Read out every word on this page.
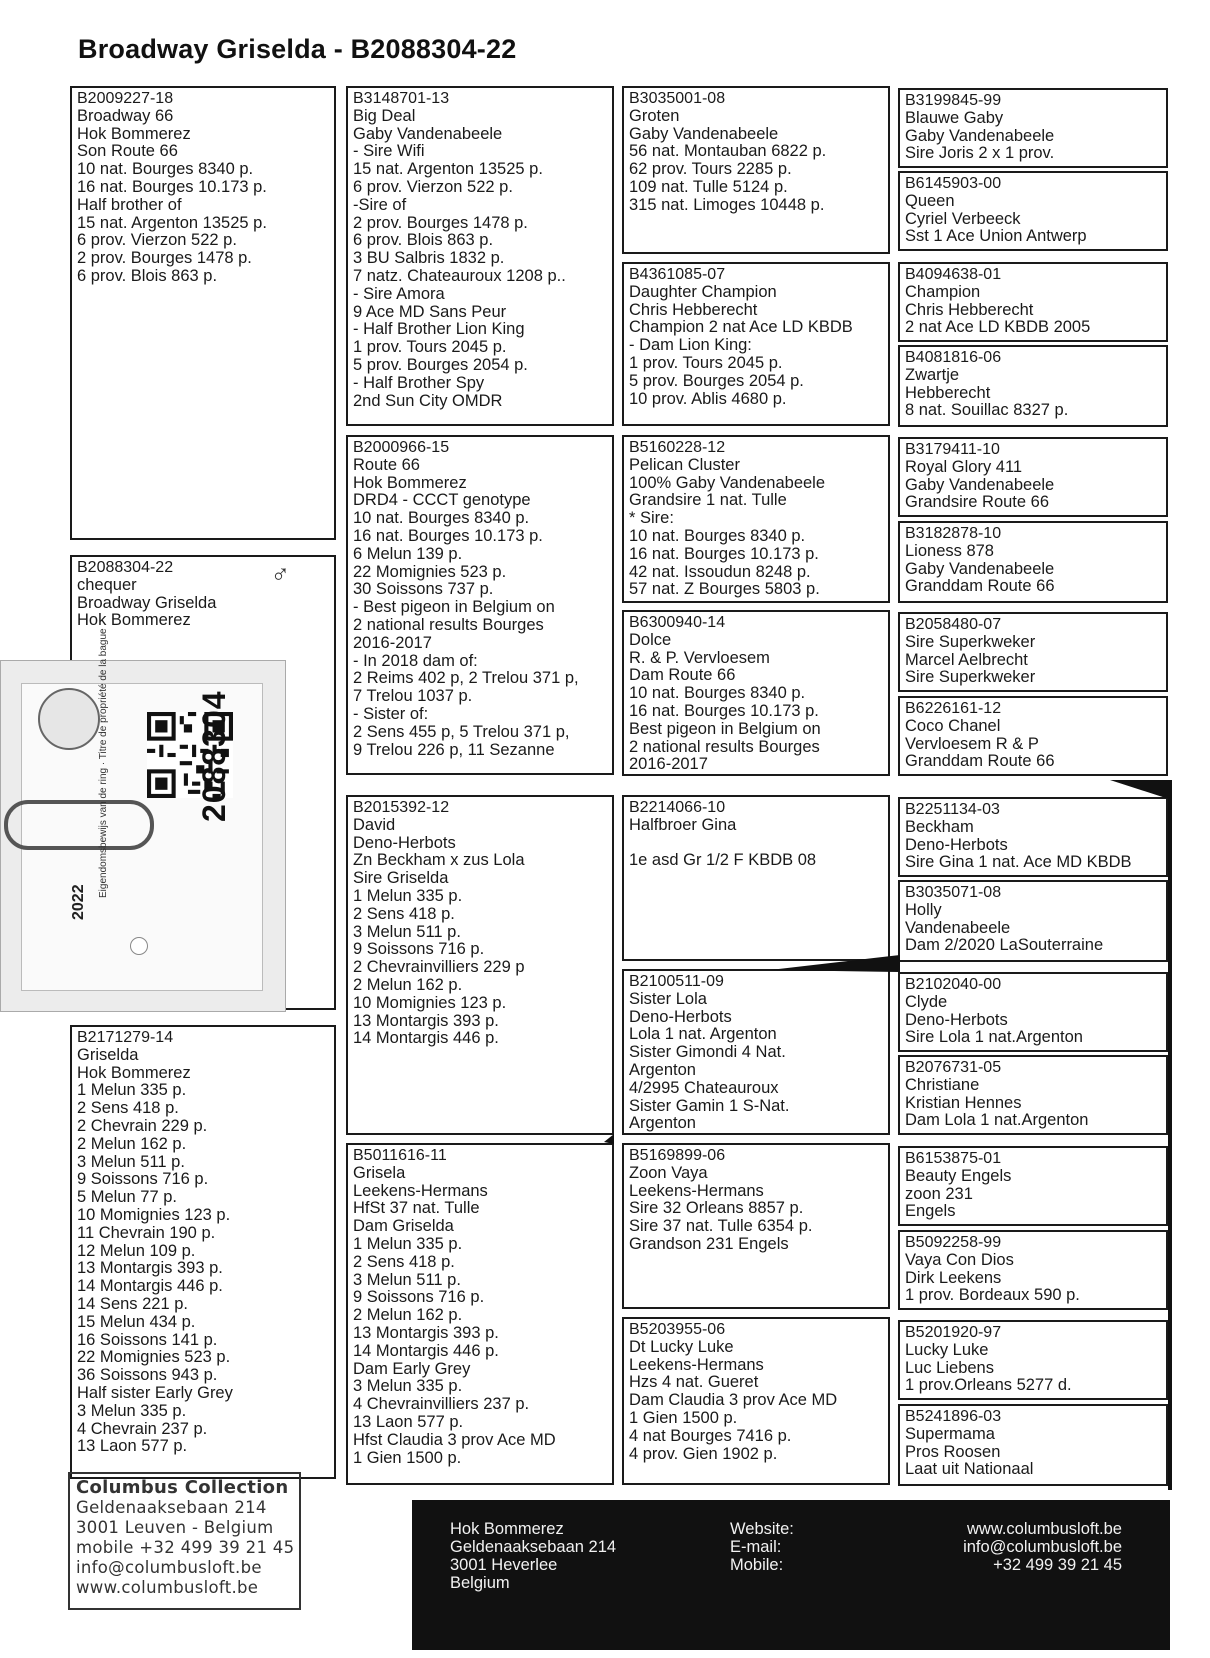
Broadway Griselda - B2088304-22
B2009227-18
Broadway 66
Hok Bommerez
Son Route 66
10 nat. Bourges 8340 p.
16 nat. Bourges 10.173 p.
Half brother of
15 nat. Argenton 13525 p.
6 prov. Vierzon 522 p.
2 prov. Bourges 1478 p.
6 prov. Blois 863 p.
B2088304-22
chequer
Broadway Griselda
Hok Bommerez
♂
B2171279-14
Griselda
Hok Bommerez
1 Melun 335 p.
2 Sens 418 p.
2 Chevrain 229 p.
2 Melun 162 p.
3 Melun 511 p.
9 Soissons 716 p.
5 Melun 77 p.
10 Momignies 123 p.
11 Chevrain 190 p.
12 Melun 109 p.
13 Montargis 393 p.
14 Montargis 446 p.
14 Sens 221 p.
15 Melun 434 p.
16 Soissons 141 p.
22 Momignies 523 p.
36 Soissons 943 p.
Half sister Early Grey
3 Melun 335 p.
4 Chevrain 237 p.
13 Laon 577 p.
B3148701-13
Big Deal
Gaby Vandenabeele
- Sire Wifi
15 nat. Argenton 13525 p.
6 prov. Vierzon 522 p.
-Sire of
2 prov. Bourges 1478 p.
6 prov. Blois 863 p.
3 BU Salbris 1832 p.
7 natz. Chateauroux 1208 p..
- Sire Amora
9 Ace MD Sans Peur
- Half Brother Lion King
1 prov. Tours 2045 p.
5 prov. Bourges 2054 p.
- Half Brother Spy
2nd Sun City OMDR
B2000966-15
Route 66
Hok Bommerez
DRD4 - CCCT genotype
10 nat. Bourges 8340 p.
16 nat. Bourges 10.173 p.
6 Melun 139 p.
22 Momignies 523 p.
30 Soissons 737 p.
- Best pigeon in Belgium on
2 national results Bourges
2016-2017
- In 2018 dam of:
2 Reims 402 p, 2 Trelou 371 p,
7 Trelou 1037 p.
- Sister of:
2 Sens 455 p, 5 Trelou 371 p,
9 Trelou 226 p, 11 Sezanne
B2015392-12
David
Deno-Herbots
Zn Beckham x zus Lola
Sire Griselda
1 Melun 335 p.
2 Sens 418 p.
3 Melun 511 p.
9 Soissons 716 p.
2 Chevrainvilliers 229 p
2 Melun 162 p.
10 Momignies 123 p.
13 Montargis 393 p.
14 Montargis 446 p.
B5011616-11
Grisela
Leekens-Hermans
HfSt 37 nat. Tulle
Dam Griselda
1 Melun 335 p.
2 Sens 418 p.
3 Melun 511 p.
9 Soissons 716 p.
2 Melun 162 p.
13 Montargis 393 p.
14 Montargis 446 p.
Dam Early Grey
3 Melun 335 p.
4 Chevrainvilliers 237 p.
13 Laon 577 p.
Hfst Claudia 3 prov Ace MD
1 Gien 1500 p.
B3035001-08
Groten
Gaby Vandenabeele
56 nat. Montauban 6822 p.
62 prov. Tours 2285 p.
109 nat. Tulle 5124 p.
315 nat. Limoges 10448 p.
B4361085-07
Daughter Champion
Chris Hebberecht
Champion 2 nat Ace LD KBDB
- Dam Lion King:
1 prov. Tours 2045 p.
5 prov. Bourges 2054 p.
10 prov. Ablis 4680 p.
B5160228-12
Pelican Cluster
100% Gaby Vandenabeele
Grandsire 1 nat. Tulle
* Sire:
10 nat. Bourges 8340 p.
16 nat. Bourges 10.173 p.
42 nat. Issoudun 8248 p.
57 nat. Z Bourges 5803 p.
B6300940-14
Dolce
R. & P. Vervloesem
Dam Route 66
10 nat. Bourges 8340 p.
16 nat. Bourges 10.173 p.
Best pigeon in Belgium on
2 national results Bourges
2016-2017
B2214066-10
Halfbroer Gina
1e asd Gr 1/2 F KBDB 08
B2100511-09
Sister Lola
Deno-Herbots
Lola 1 nat. Argenton
Sister Gimondi 4 Nat.
Argenton
4/2995 Chateauroux
Sister Gamin 1 S-Nat.
Argenton
B5169899-06
Zoon Vaya
Leekens-Hermans
Sire 32 Orleans 8857 p.
Sire 37 nat. Tulle 6354 p.
Grandson 231 Engels
B5203955-06
Dt Lucky Luke
Leekens-Hermans
Hzs 4 nat. Gueret
Dam Claudia 3 prov Ace MD
1 Gien 1500 p.
4 nat Bourges 7416 p.
4 prov. Gien 1902 p.
B3199845-99
Blauwe Gaby
Gaby Vandenabeele
Sire Joris 2 x 1 prov.
B6145903-00
Queen
Cyriel Verbeeck
Sst 1 Ace Union Antwerp
B4094638-01
Champion
Chris Hebberecht
2 nat Ace LD KBDB 2005
B4081816-06
Zwartje
Hebberecht
8 nat. Souillac 8327 p.
B3179411-10
Royal Glory 411
Gaby Vandenabeele
Grandsire Route 66
B3182878-10
Lioness 878
Gaby Vandenabeele
Granddam Route 66
B2058480-07
Sire Superkweker
Marcel Aelbrecht
Sire Superkweker
B6226161-12
Coco Chanel
Vervloesem R & P
Granddam Route 66
B2251134-03
Beckham
Deno-Herbots
Sire Gina 1 nat. Ace MD KBDB
B3035071-08
Holly
Vandenabeele
Dam 2/2020 LaSouterraine
B2102040-00
Clyde
Deno-Herbots
Sire Lola 1 nat.Argenton
B2076731-05
Christiane
Kristian Hennes
Dam Lola 1 nat.Argenton
B6153875-01
Beauty Engels
zoon 231
Engels
B5092258-99
Vaya Con Dios
Dirk Leekens
1 prov. Bordeaux 590 p.
B5201920-97
Lucky Luke
Luc Liebens
1 prov.Orleans 5277 d.
B5241896-03
Supermama
Pros Roosen
Laat uit Nationaal
2088304
2022
Eigendomsbewijs van de ring · Titre de propriété de la bague
Columbus Collection
Geldenaaksebaan 214
3001 Leuven - Belgium
mobile +32 499 39 21 45
info@columbusloft.be
www.columbusloft.be
Hok Bommerez
Geldenaaksebaan 214
3001 Heverlee
Belgium
Website:
E-mail:
Mobile:
www.columbusloft.be
info@columbusloft.be
+32 499 39 21 45
